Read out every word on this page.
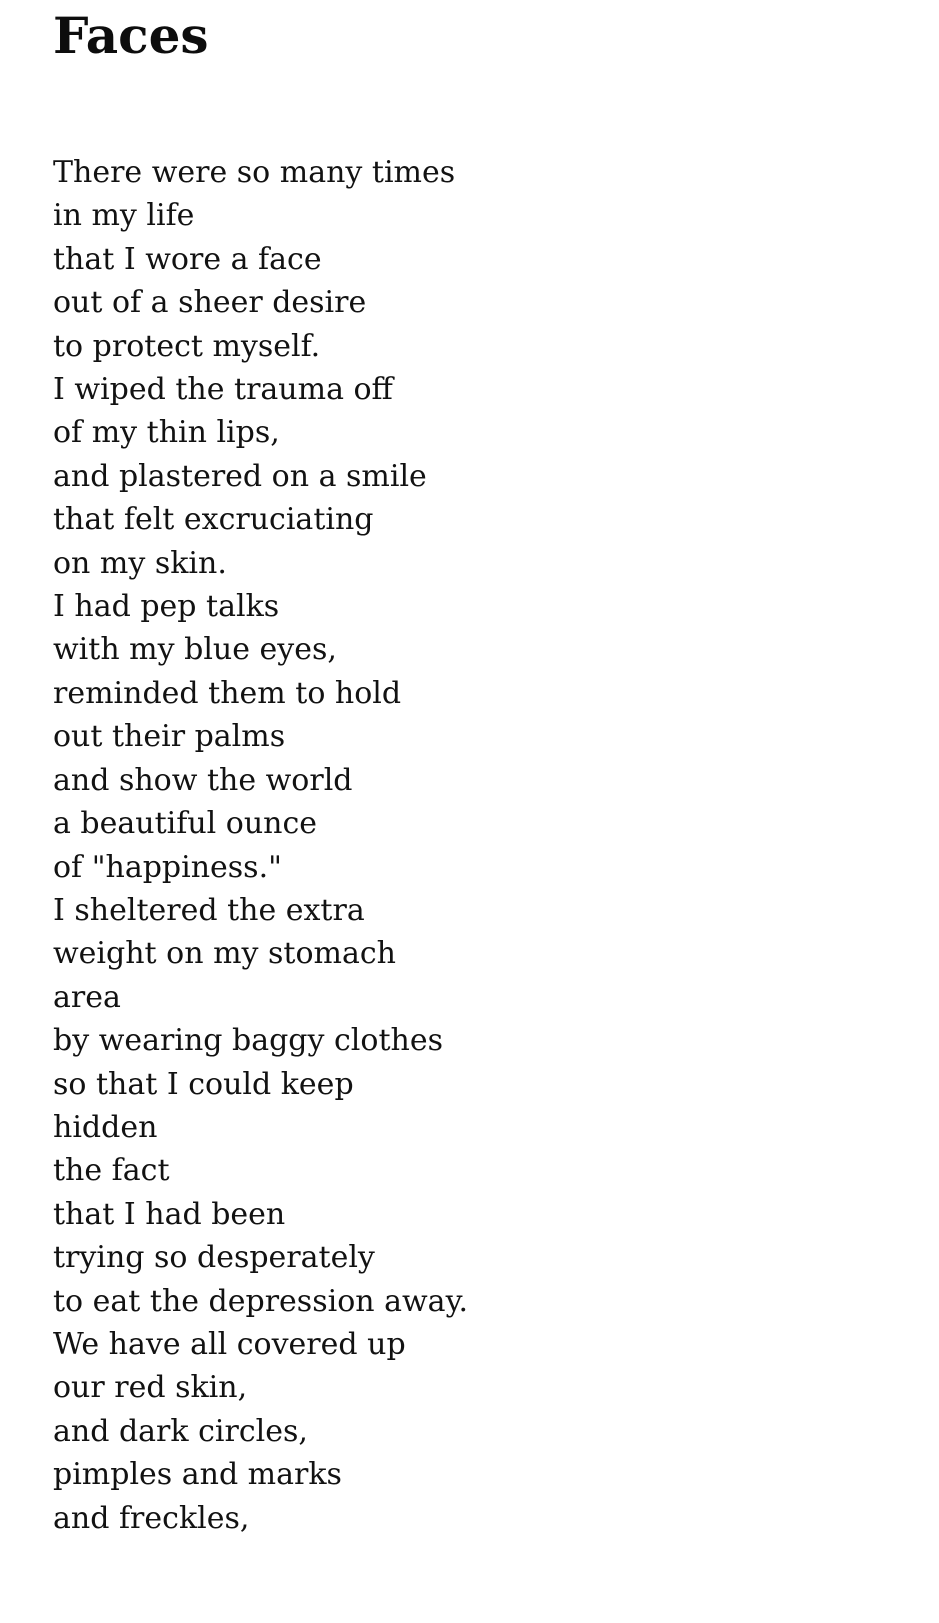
Faces
There were so many times
in my life
that I wore a face
out of a sheer desire
to protect myself.
I wiped the trauma off
of my thin lips,
and plastered on a smile
that felt excruciating
on my skin.
I had pep talks
with my blue eyes,
reminded them to hold
out their palms
and show the world
a beautiful ounce
of "happiness."
I sheltered the extra
weight on my stomach
area
by wearing baggy clothes
so that I could keep
hidden
the fact
that I had been
trying so desperately
to eat the depression away.
We have all covered up
our red skin,
and dark circles,
pimples and marks
and freckles,
